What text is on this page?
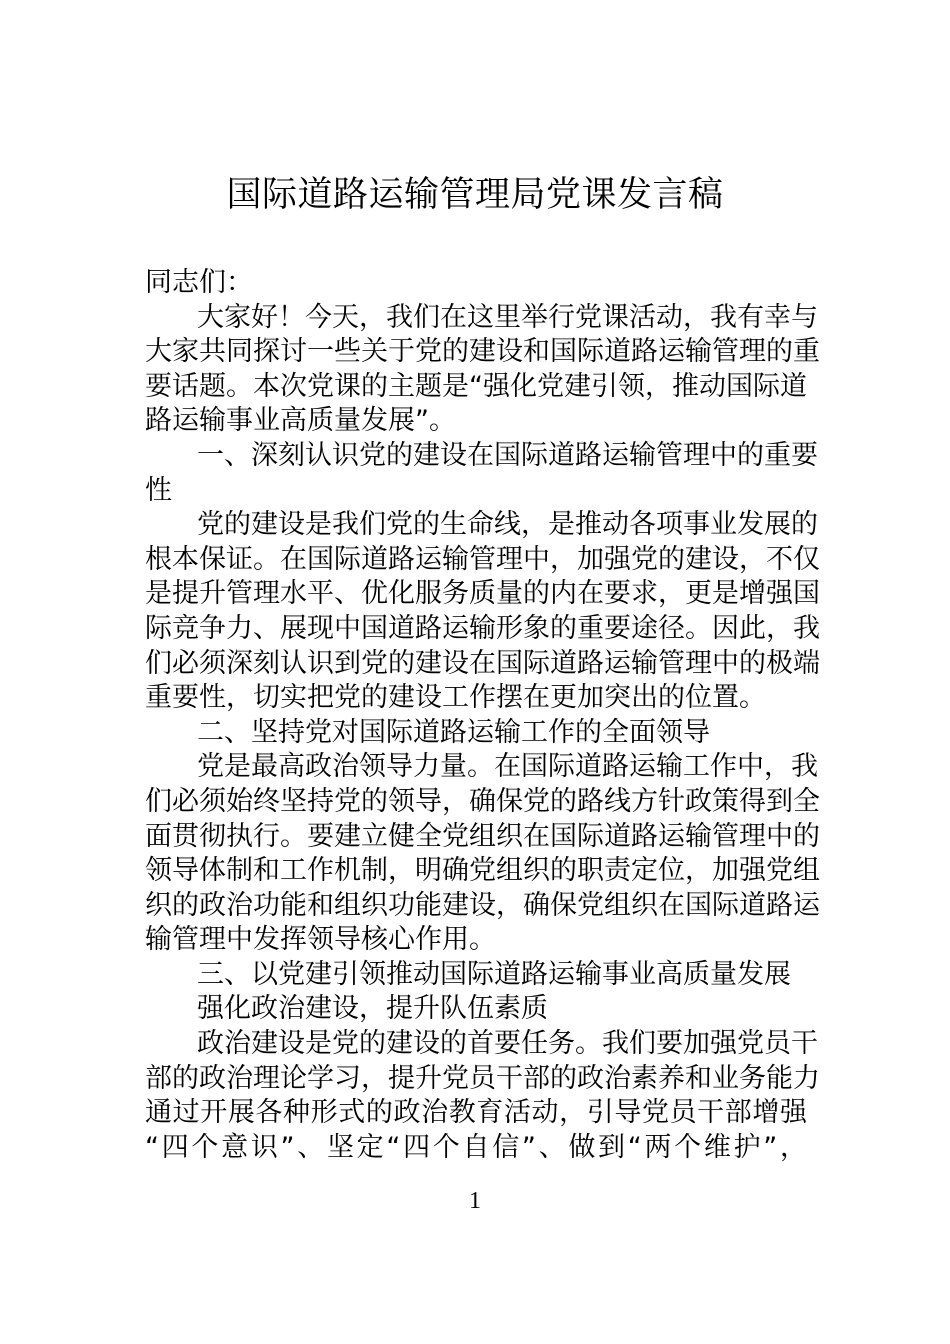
国际道路运输管理局党课发言稿
同志们：
大家好！今天，我们在这里举行党课活动，我有幸与
大家共同探讨一些关于党的建设和国际道路运输管理的重
要话题。本次党课的主题是“强化党建引领，推动国际道
路运输事业高质量发展”。
一、深刻认识党的建设在国际道路运输管理中的重要
性
党的建设是我们党的生命线，是推动各项事业发展的
根本保证。在国际道路运输管理中，加强党的建设，不仅
是提升管理水平、优化服务质量的内在要求，更是增强国
际竞争力、展现中国道路运输形象的重要途径。因此，我
们必须深刻认识到党的建设在国际道路运输管理中的极端
重要性，切实把党的建设工作摆在更加突出的位置。
二、坚持党对国际道路运输工作的全面领导
党是最高政治领导力量。在国际道路运输工作中，我
们必须始终坚持党的领导，确保党的路线方针政策得到全
面贯彻执行。要建立健全党组织在国际道路运输管理中的
领导体制和工作机制，明确党组织的职责定位，加强党组
织的政治功能和组织功能建设，确保党组织在国际道路运
输管理中发挥领导核心作用。
三、以党建引领推动国际道路运输事业高质量发展
强化政治建设，提升队伍素质
政治建设是党的建设的首要任务。我们要加强党员干
部的政治理论学习，提升党员干部的政治素养和业务能力
通过开展各种形式的政治教育活动，引导党员干部增强
“四个意识”、坚定“四个自信”、做到“两个维护”，
1
